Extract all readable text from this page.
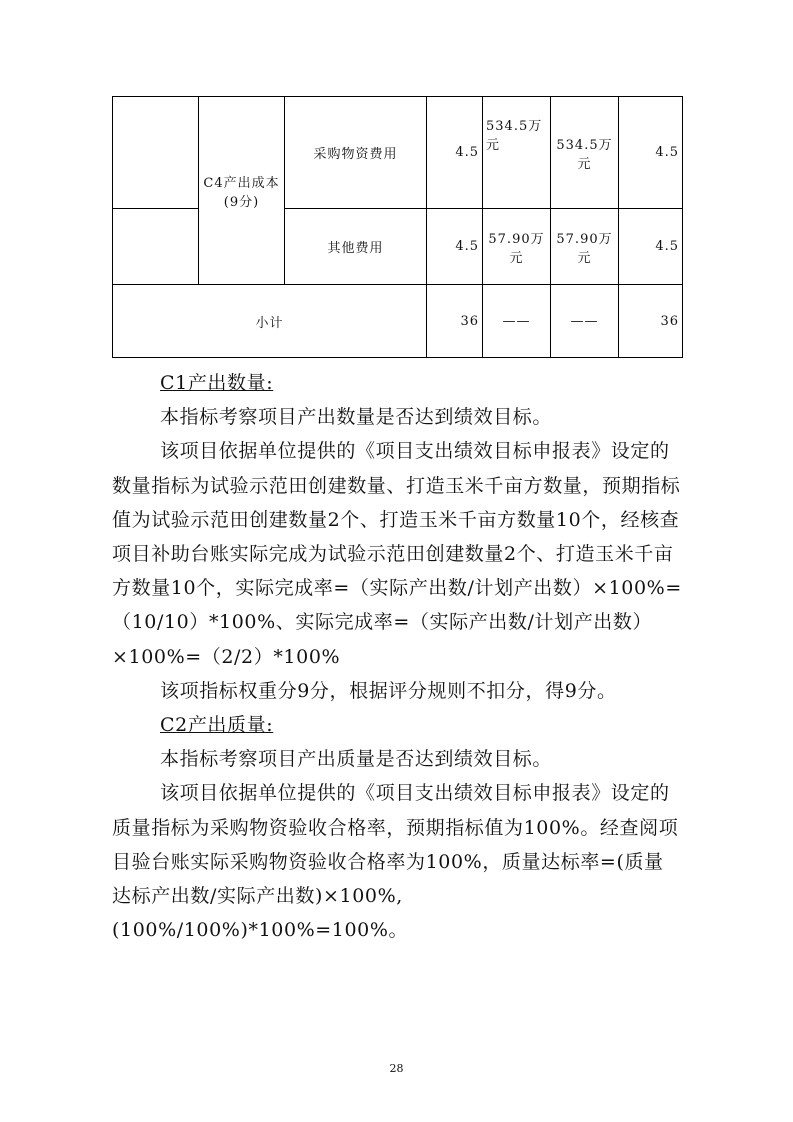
	C4产出成本(9分)	采购物资费用	4.5	534.5万元	534.5万元	4.5
		其他费用	4.5	57.90万元	57.90万元	4.5
小计			36	——	——	36

C1产出数量:

本指标考察项目产出数量是否达到绩效目标。

该项目依据单位提供的《项目支出绩效目标申报表》设定的数量指标为试验示范田创建数量、打造玉米千亩方数量，预期指标值为试验示范田创建数量2个、打造玉米千亩方数量10个，经核查项目补助台账实际完成为试验示范田创建数量2个、打造玉米千亩方数量10个，实际完成率=（实际产出数/计划产出数）×100%=（10/10）*100%、实际完成率=（实际产出数/计划产出数）×100%=（2/2）*100%

该项指标权重分9分，根据评分规则不扣分，得9分。

C2产出质量:

本指标考察项目产出质量是否达到绩效目标。

该项目依据单位提供的《项目支出绩效目标申报表》设定的质量指标为采购物资验收合格率，预期指标值为100%。经查阅项目验台账实际采购物资验收合格率为100%，质量达标率=(质量达标产出数/实际产出数)×100%,(100%/100%)*100%=100%。

28
